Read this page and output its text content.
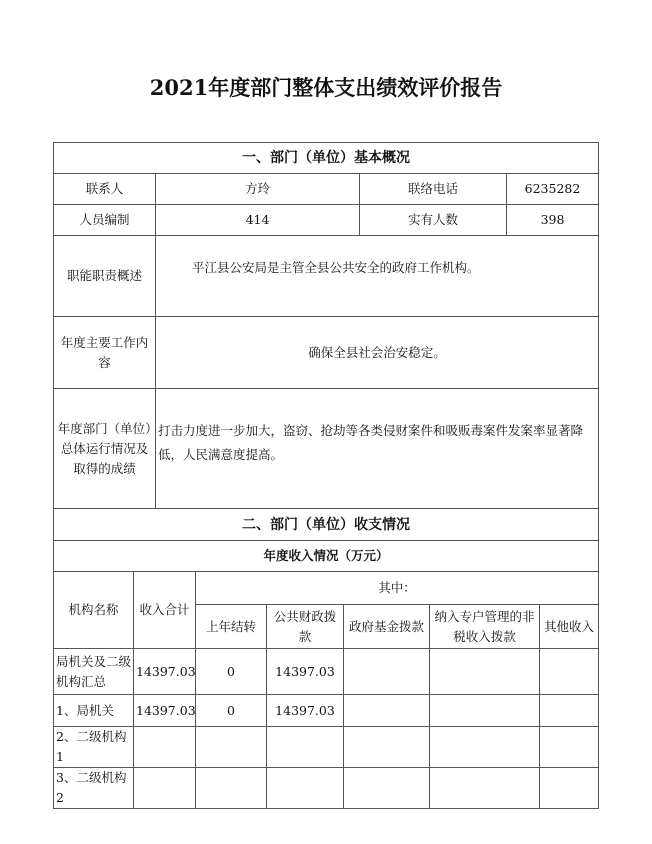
2021年度部门整体支出绩效评价报告
一、部门（单位）基本概况			
联系人	方玲	联络电话	6235282
人员编制	414	实有人数	398
职能职责概述	平江县公安局是主管全县公共安全的政府工作机构。		
年度主要工作内容	确保全县社会治安稳定。		
年度部门（单位）总体运行情况及取得的成绩	打击力度进一步加大，盗窃、抢劫等各类侵财案件和吸贩毒案件发案率显著降低，人民满意度提高。		
二、部门（单位）收支情况			
年度收入情况（万元）			
机构名称	收入合计	其中：				
		上年结转	公共财政拨款	政府基金拨款	纳入专户管理的非税收入拨款	其他收入
局机关及二级机构汇总	14397.03	0	14397.03			
1、局机关	14397.03	0	14397.03			
2、二级机构 1						
3、二级机构 2						
